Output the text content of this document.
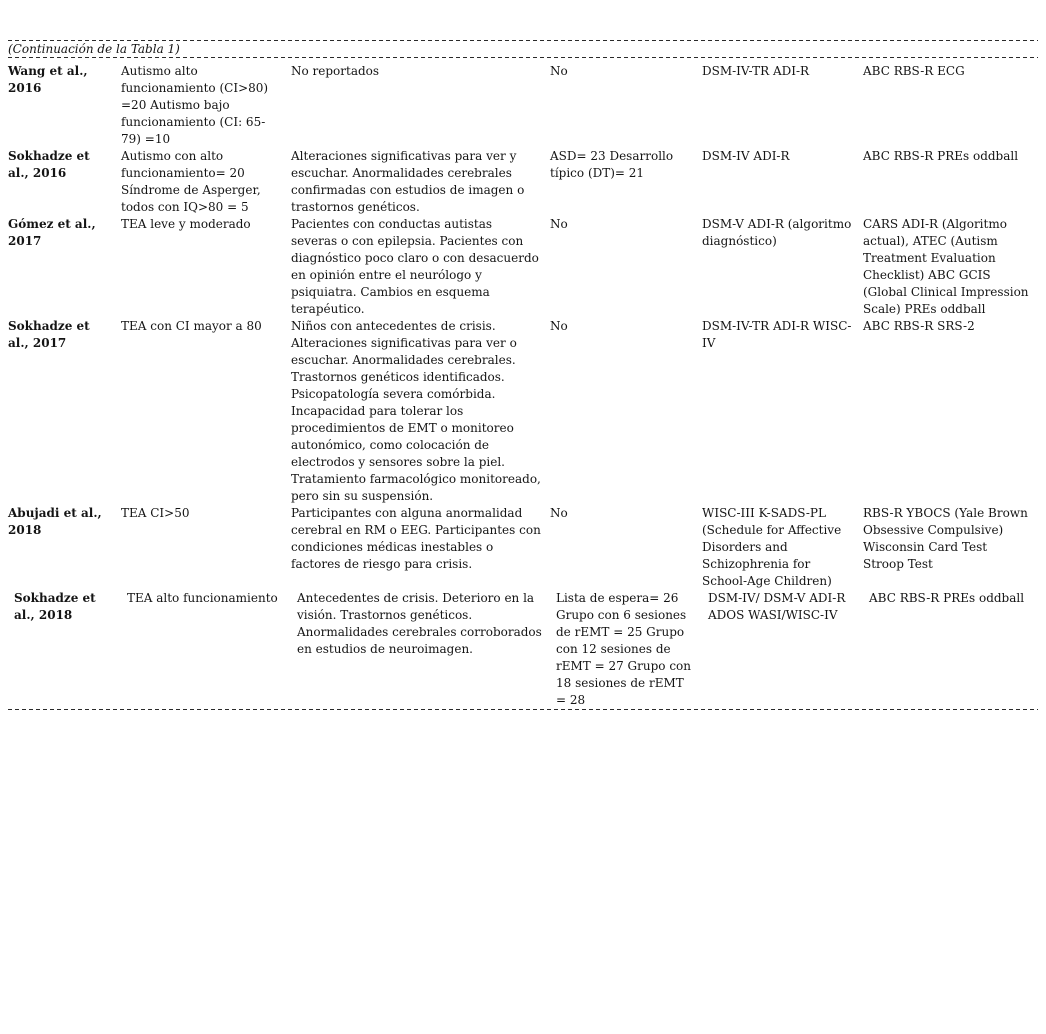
(Continuación de la Tabla 1)
Wang et al., 2016	Autismo alto funcionamiento (CI>80) =20 Autismo bajo funcionamiento (CI: 65-79) =10	No reportados	No	DSM-IV-TR ADI-R	ABC RBS-R ECG
Sokhadze et al., 2016	Autismo con alto funcionamiento= 20 Síndrome de Asperger, todos con IQ>80 = 5	Alteraciones significativas para ver y escuchar. Anormalidades cerebrales confirmadas con estudios de imagen o trastornos genéticos.	ASD= 23 Desarrollo típico (DT)= 21	DSM-IV ADI-R	ABC RBS-R PREs oddball
Gómez et al., 2017	TEA leve y moderado	Pacientes con conductas autistas severas o con epilepsia. Pacientes con diagnóstico poco claro o con desacuerdo en opinión entre el neurólogo y psiquiatra. Cambios en esquema terapéutico.	No	DSM-V ADI-R (algoritmo diagnóstico)	CARS ADI-R (Algoritmo actual), ATEC (Autism Treatment Evaluation Checklist) ABC GCIS (Global Clinical Impression Scale) PREs oddball
Sokhadze et al., 2017	TEA con CI mayor a 80	Niños con antecedentes de crisis. Alteraciones significativas para ver o escuchar. Anormalidades cerebrales. Trastornos genéticos identificados. Psicopatología severa comórbida. Incapacidad para tolerar los procedimientos de EMT o monitoreo autonómico, como colocación de electrodos y sensores sobre la piel. Tratamiento farmacológico monitoreado, pero sin su suspensión.	No	DSM-IV-TR ADI-R WISC-IV	ABC RBS-R SRS-2
Abujadi et al., 2018	TEA CI>50	Participantes con alguna anormalidad cerebral en RM o EEG. Participantes con condiciones médicas inestables o factores de riesgo para crisis.	No	WISC-III K-SADS-PL (Schedule for Affective Disorders and Schizophrenia for School-Age Children)	RBS-R YBOCS (Yale Brown Obsessive Compulsive) Wisconsin Card Test Stroop Test
Sokhadze et al., 2018	TEA alto funcionamiento	Antecedentes de crisis. Deterioro en la visión. Trastornos genéticos. Anormalidades cerebrales corroborados en estudios de neuroimagen.	Lista de espera= 26 Grupo con 6 sesiones de rEMT = 25 Grupo con 12 sesiones de rEMT = 27 Grupo con 18 sesiones de rEMT = 28	DSM-IV/ DSM-V ADI-R ADOS WASI/WISC-IV	ABC RBS-R PREs oddball
